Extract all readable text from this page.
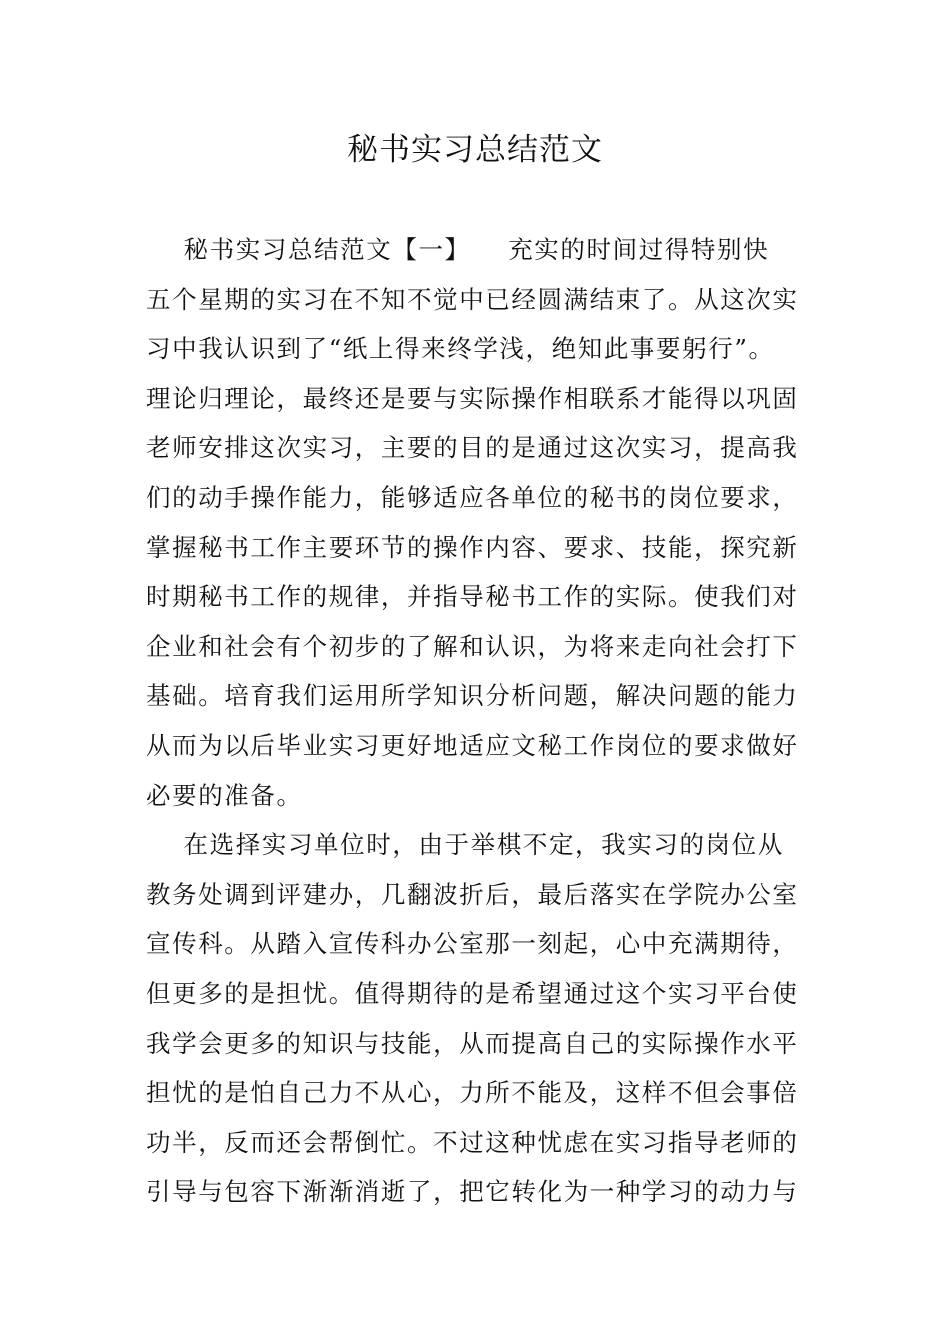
秘书实习总结范文
秘书实习总结范文【一】    充实的时间过得特别快
五个星期的实习在不知不觉中已经圆满结束了。从这次实
习中我认识到了“纸上得来终学浅，绝知此事要躬行”。
理论归理论，最终还是要与实际操作相联系才能得以巩固
老师安排这次实习，主要的目的是通过这次实习，提高我
们的动手操作能力，能够适应各单位的秘书的岗位要求，
掌握秘书工作主要环节的操作内容、要求、技能，探究新
时期秘书工作的规律，并指导秘书工作的实际。使我们对
企业和社会有个初步的了解和认识，为将来走向社会打下
基础。培育我们运用所学知识分析问题，解决问题的能力
从而为以后毕业实习更好地适应文秘工作岗位的要求做好
必要的准备。
在选择实习单位时，由于举棋不定，我实习的岗位从
教务处调到评建办，几翻波折后，最后落实在学院办公室
宣传科。从踏入宣传科办公室那一刻起，心中充满期待，
但更多的是担忧。值得期待的是希望通过这个实习平台使
我学会更多的知识与技能，从而提高自己的实际操作水平
担忧的是怕自己力不从心，力所不能及，这样不但会事倍
功半，反而还会帮倒忙。不过这种忧虑在实习指导老师的
引导与包容下渐渐消逝了，把它转化为一种学习的动力与
